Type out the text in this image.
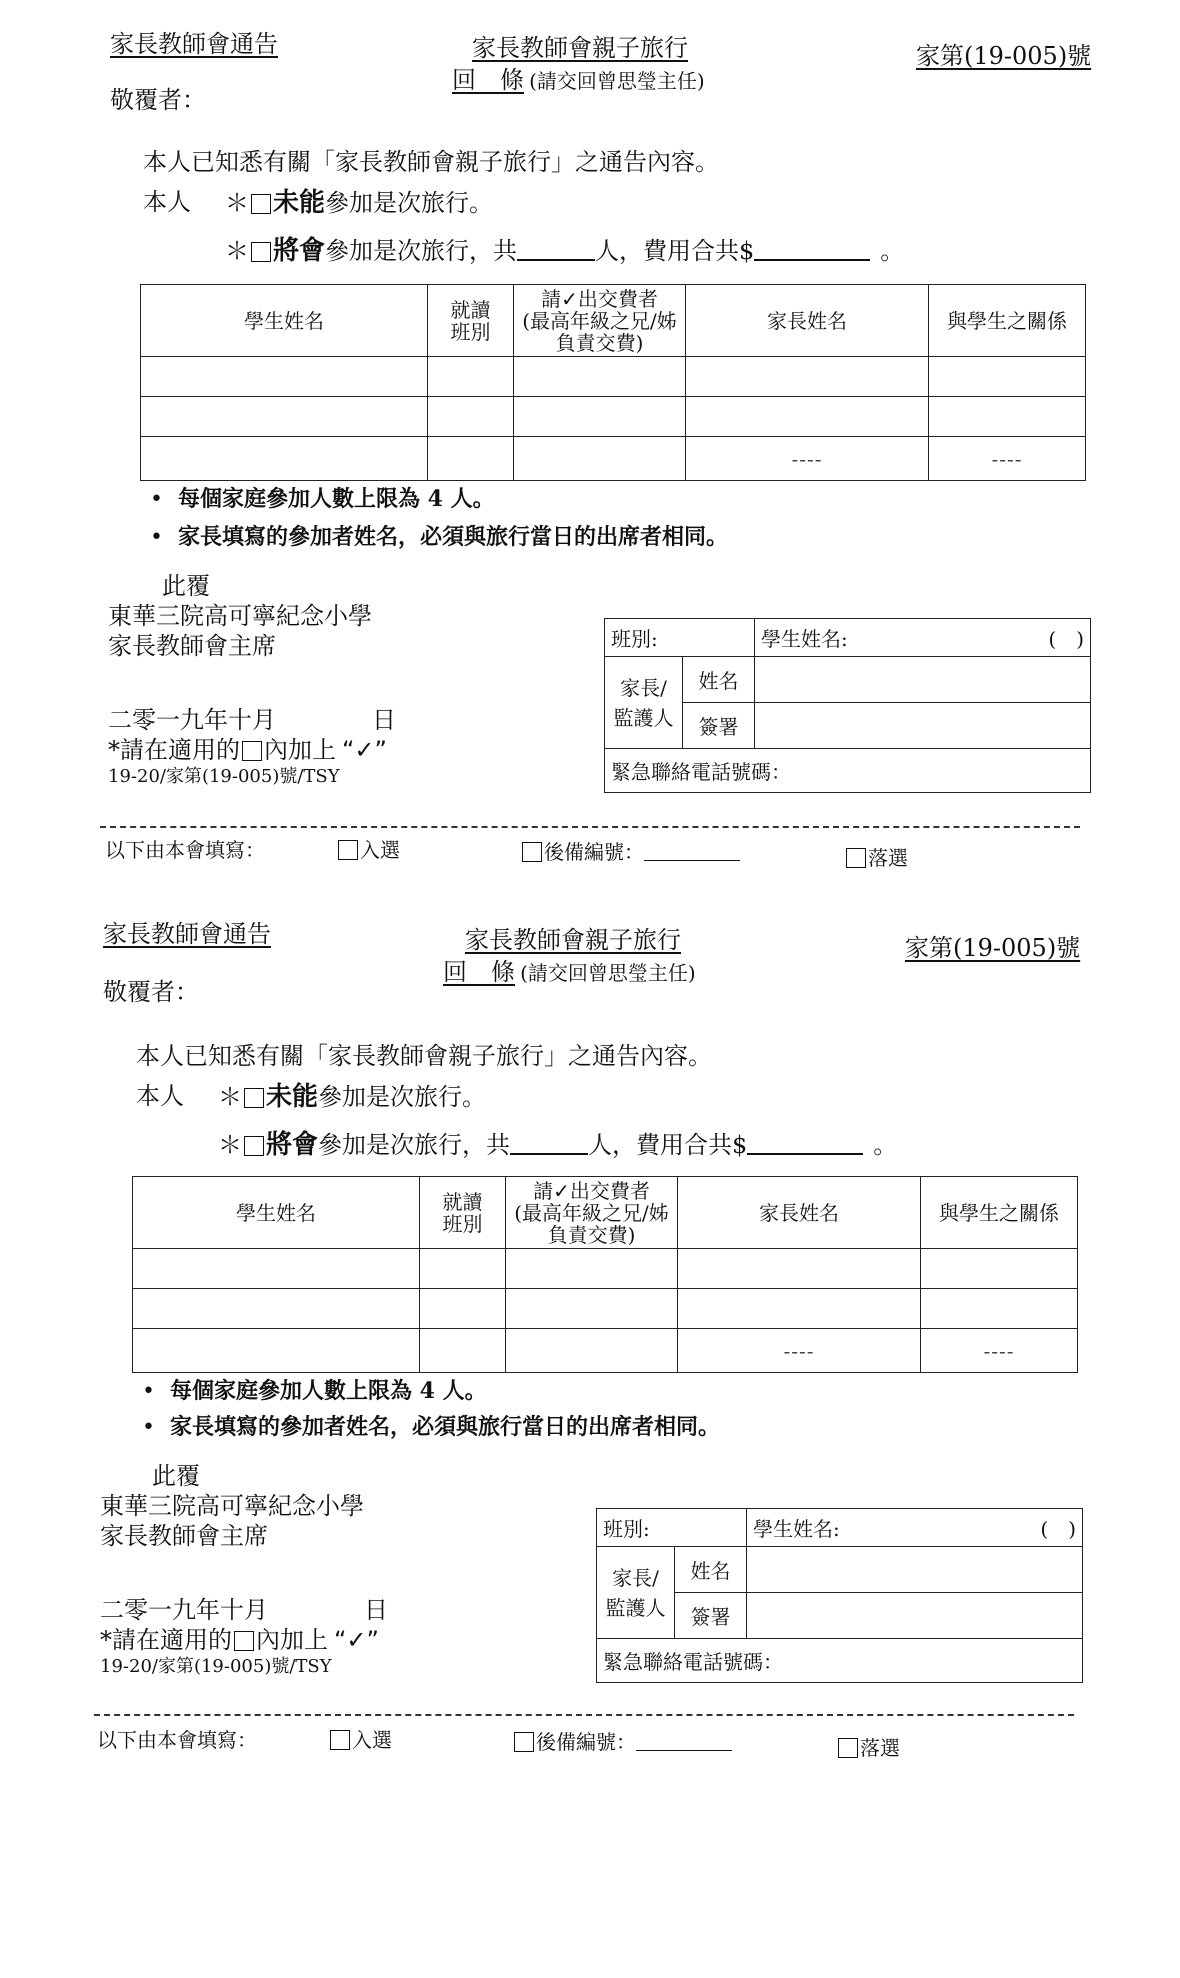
家長教師會通告	家長教師會親子旅行	家第(19-005)號
回　條 (請交回曾思瑩主任)
敬覆者：
本人已知悉有關「家長教師會親子旅行」之通告內容。
本人 ＊ 未能參加是次旅行。
＊ 將會參加是次旅行，共	人，費用合共$	。
學生姓名	就讀班別	請✓出交費者
(最高年級之兄/姊
負責交費)	家長姓名	與學生之關係

			----	----
• 每個家庭參加人數上限為 4 人。
• 家長填寫的參加者姓名，必須與旅行當日的出席者相同。
此覆
東華三院高可寧紀念小學
家長教師會主席
二零一九年十月	日
*請在適用的 內加上 “✓”
19-20/家第(19-005)號/TSY
班別:		學生姓名: (　)

家長/監護人	姓名	
	簽署	
緊急聯絡電話號碼：		
以下由本會填寫：	入選	後備編號：	落選
家長教師會通告	家長教師會親子旅行	家第(19-005)號
回　條 (請交回曾思瑩主任)
敬覆者：
本人已知悉有關「家長教師會親子旅行」之通告內容。
本人 ＊ 未能參加是次旅行。
＊ 將會參加是次旅行，共	人，費用合共$	。
學生姓名	就讀班別	請✓出交費者
(最高年級之兄/姊
負責交費)	家長姓名	與學生之關係

			----	----
• 每個家庭參加人數上限為 4 人。
• 家長填寫的參加者姓名，必須與旅行當日的出席者相同。
此覆
東華三院高可寧紀念小學
家長教師會主席
二零一九年十月	日
*請在適用的 內加上 “✓”
19-20/家第(19-005)號/TSY
班別:		學生姓名: (　)

家長/監護人	姓名	
	簽署	
緊急聯絡電話號碼：		
以下由本會填寫：	入選	後備編號：	落選
